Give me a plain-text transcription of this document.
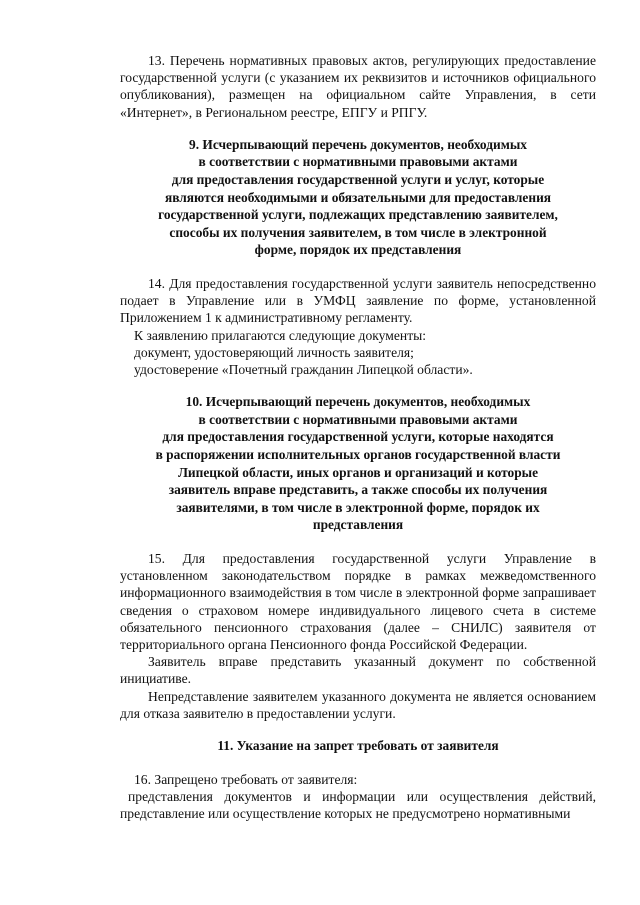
13. Перечень нормативных правовых актов, регулирующих предоставление государственной услуги (с указанием их реквизитов и источников официального опубликования), размещен на официальном сайте Управления, в сети «Интернет», в Региональном реестре, ЕПГУ и РПГУ.

9. Исчерпывающий перечень документов, необходимых

в соответствии с нормативными правовыми актами

для предоставления государственной услуги и услуг, которые

являются необходимыми и обязательными для предоставления

государственной услуги, подлежащих представлению заявителем,

способы их получения заявителем, в том числе в электронной

форме, порядок их представления

14. Для предоставления государственной услуги заявитель непосредственно подает в Управление или в УМФЦ заявление по форме, установленной Приложением 1 к административному регламенту.

К заявлению прилагаются следующие документы:

документ, удостоверяющий личность заявителя;

удостоверение «Почетный гражданин Липецкой области».

10. Исчерпывающий перечень документов, необходимых

в соответствии с нормативными правовыми актами

для предоставления государственной услуги, которые находятся

в распоряжении исполнительных органов государственной власти

Липецкой области, иных органов и организаций и которые

заявитель вправе представить, а также способы их получения

заявителями, в том числе в электронной форме, порядок их

представления

15. Для предоставления государственной услуги Управление в установленном законодательством порядке в рамках межведомственного информационного взаимодействия в том числе в электронной форме запрашивает сведения о страховом номере индивидуального лицевого счета в системе обязательного пенсионного страхования (далее – СНИЛС) заявителя от территориального органа Пенсионного фонда Российской Федерации.

Заявитель вправе представить указанный документ по собственной инициативе.

Непредставление заявителем указанного документа не является основанием для отказа заявителю в предоставлении услуги.

11. Указание на запрет требовать от заявителя

16. Запрещено требовать от заявителя:

представления документов и информации или осуществления действий, представление или осуществление которых не предусмотрено нормативными
